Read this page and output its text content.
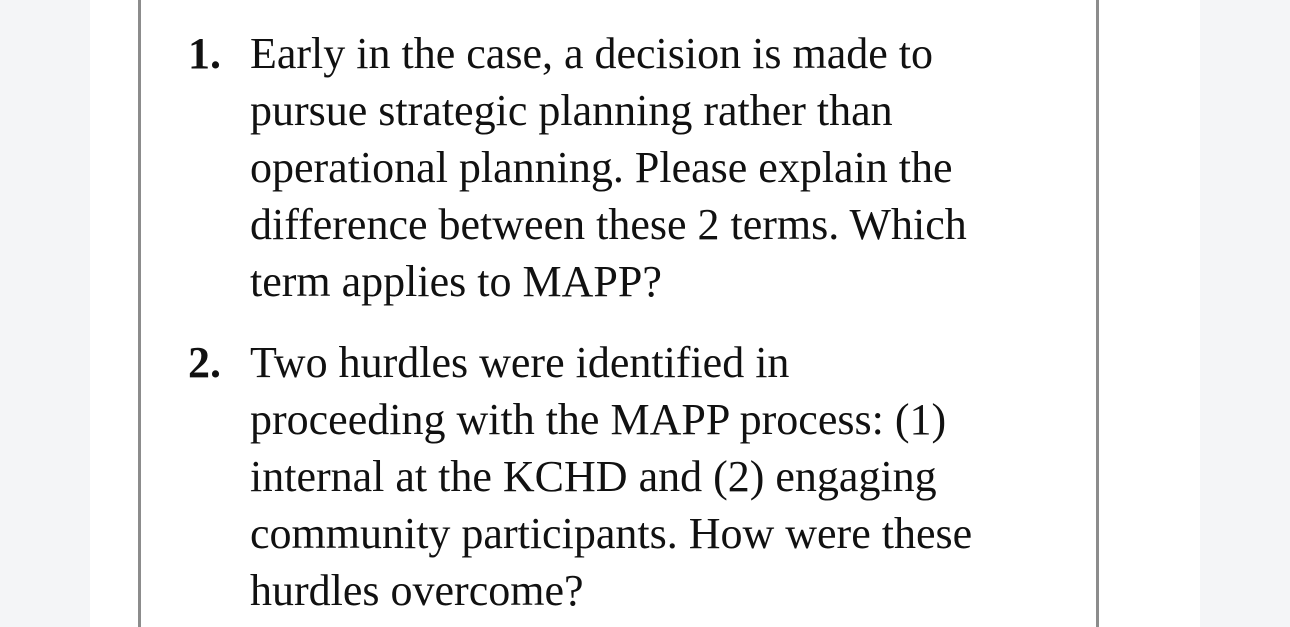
1. Early in the case, a decision is made to
pursue strategic planning rather than
operational planning. Please explain the
difference between these 2 terms. Which
term applies to MAPP?
2. Two hurdles were identified in
proceeding with the MAPP process: (1)
internal at the KCHD and (2) engaging
community participants. How were these
hurdles overcome?
